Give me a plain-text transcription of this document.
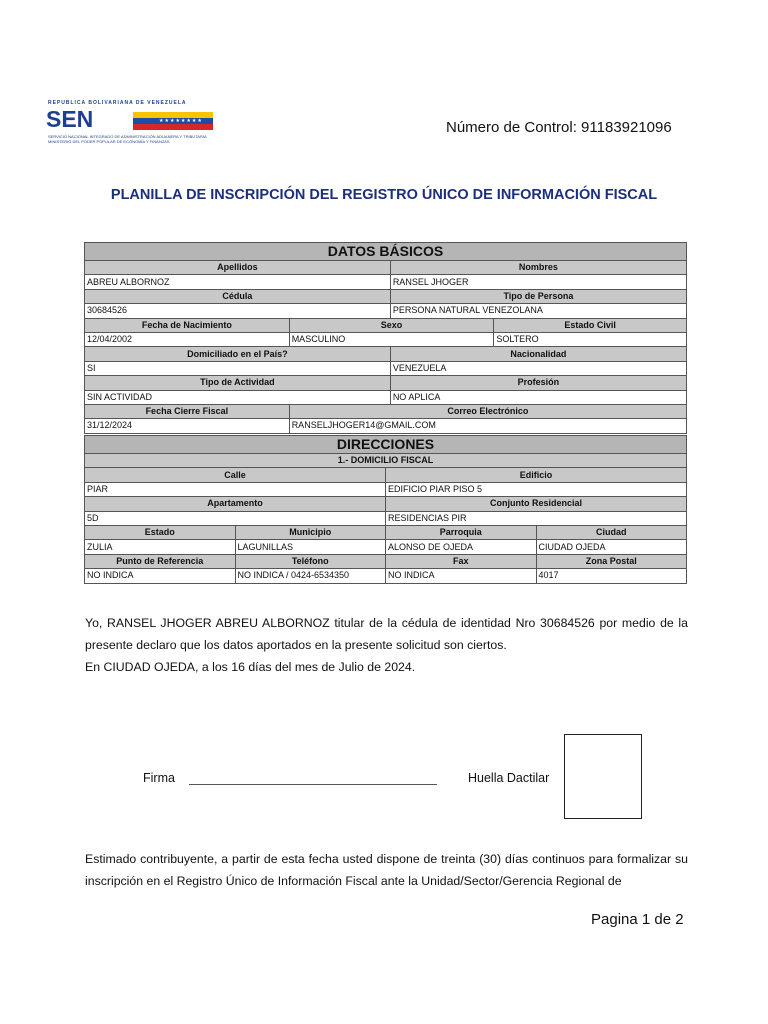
REPUBLICA BOLIVARIANA DE VENEZUELA
SEN	★★★★★★★★
SERVICIO NACIONAL INTEGRADO DE ADMINISTRACIÓN ADUANERA Y TRIBUTARIA
MINISTERIO DEL PODER POPULAR DE ECONOMÍA Y FINANZAS
Número de Control: 91183921096
PLANILLA DE INSCRIPCIÓN DEL REGISTRO ÚNICO DE INFORMACIÓN FISCAL
DATOS BÁSICOS			
Apellidos		Nombres	
ABREU ALBORNOZ		RANSEL JHOGER	
Cédula		Tipo de Persona	
30684526		PERSONA NATURAL VENEZOLANA	
Fecha de Nacimiento	Sexo		Estado Civil
12/04/2002	MASCULINO		SOLTERO
Domiciliado en el País?		Nacionalidad	
SI		VENEZUELA	
Tipo de Actividad		Profesión	
SIN ACTIVIDAD		NO APLICA	
Fecha Cierre Fiscal	Correo Electrónico		
31/12/2024	RANSELJHOGER14@GMAIL.COM		
DIRECCIONES			
1.- DOMICILIO FISCAL			
Calle		Edificio	
PIAR		EDIFICIO PIAR PISO 5	
Apartamento		Conjunto Residencial	
5D		RESIDENCIAS PIR	
Estado	Municipio	Parroquia	Ciudad
ZULIA	LAGUNILLAS	ALONSO DE OJEDA	CIUDAD OJEDA
Punto de Referencia	Teléfono	Fax	Zona Postal
NO INDICA	NO INDICA / 0424-6534350	NO INDICA	4017

Yo, RANSEL JHOGER ABREU ALBORNOZ titular de la cédula de identidad Nro 30684526 por medio de la presente declaro que los datos aportados en la presente solicitud son ciertos.

En CIUDAD OJEDA, a los 16 días del mes de Julio de 2024.

Firma	Huella Dactilar
Estimado contribuyente, a partir de esta fecha usted dispone de treinta (30) días continuos para formalizar su inscripción en el Registro Único de Información Fiscal ante la Unidad/Sector/Gerencia Regional de
Pagina 1 de 2
